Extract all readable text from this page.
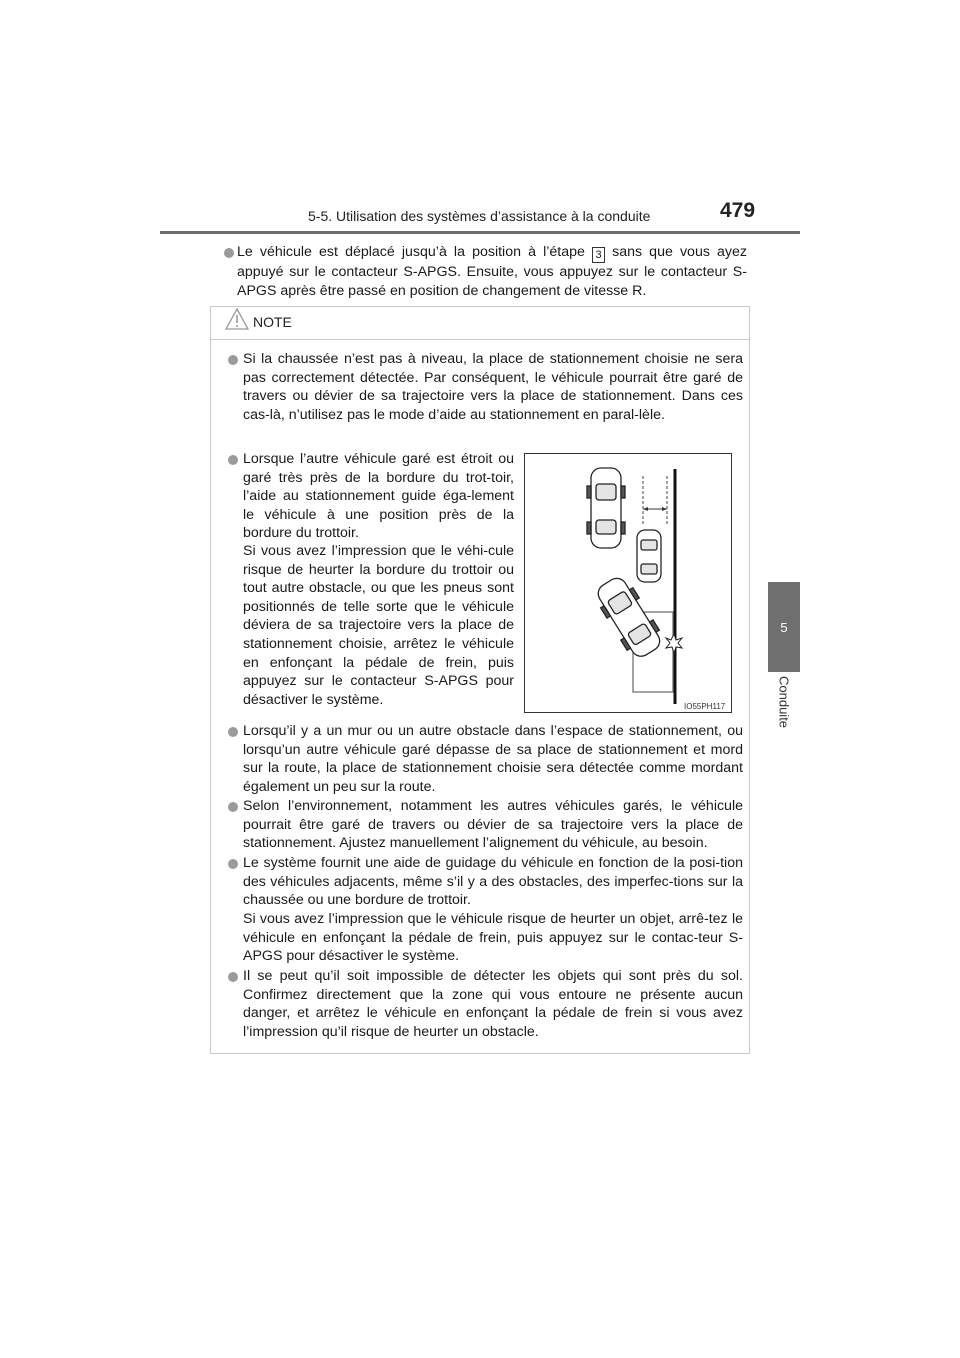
5-5. Utilisation des systèmes d’assistance à la conduite	479
5
Conduite

Le véhicule est déplacé jusqu’à la position à l’étape 3 sans que vous ayez appuyé sur le contacteur S-APGS. Ensuite, vous appuyez sur le contacteur S-APGS après être passé en position de changement de vitesse R.

NOTE

Si la chaussée n’est pas à niveau, la place de stationnement choisie ne sera pas correctement détectée. Par conséquent, le véhicule pourrait être garé de travers ou dévier de sa trajectoire vers la place de stationnement. Dans ces cas-là, n’utilisez pas le mode d’aide au stationnement en paral-lèle.

Lorsque l’autre véhicule garé est étroit ou garé très près de la bordure du trot-toir, l’aide au stationnement guide éga-lement le véhicule à une position près de la bordure du trottoir.

Si vous avez l’impression que le véhi-cule risque de heurter la bordure du trottoir ou tout autre obstacle, ou que les pneus sont positionnés de telle sorte que le véhicule déviera de sa trajectoire vers la place de stationnement choisie, arrêtez le véhicule en enfonçant la pédale de frein, puis appuyez sur le contacteur S-APGS pour désactiver le système.	IO55PH117

Lorsqu’il y a un mur ou un autre obstacle dans l’espace de stationnement, ou lorsqu’un autre véhicule garé dépasse de sa place de stationnement et mord sur la route, la place de stationnement choisie sera détectée comme mordant également un peu sur la route.

Selon l’environnement, notamment les autres véhicules garés, le véhicule pourrait être garé de travers ou dévier de sa trajectoire vers la place de stationnement. Ajustez manuellement l’alignement du véhicule, au besoin.

Le système fournit une aide de guidage du véhicule en fonction de la posi-tion des véhicules adjacents, même s’il y a des obstacles, des imperfec-tions sur la chaussée ou une bordure de trottoir.

Si vous avez l’impression que le véhicule risque de heurter un objet, arrê-tez le véhicule en enfonçant la pédale de frein, puis appuyez sur le contac-teur S-APGS pour désactiver le système.

Il se peut qu’il soit impossible de détecter les objets qui sont près du sol. Confirmez directement que la zone qui vous entoure ne présente aucun danger, et arrêtez le véhicule en enfonçant la pédale de frein si vous avez l’impression qu’il risque de heurter un obstacle.
